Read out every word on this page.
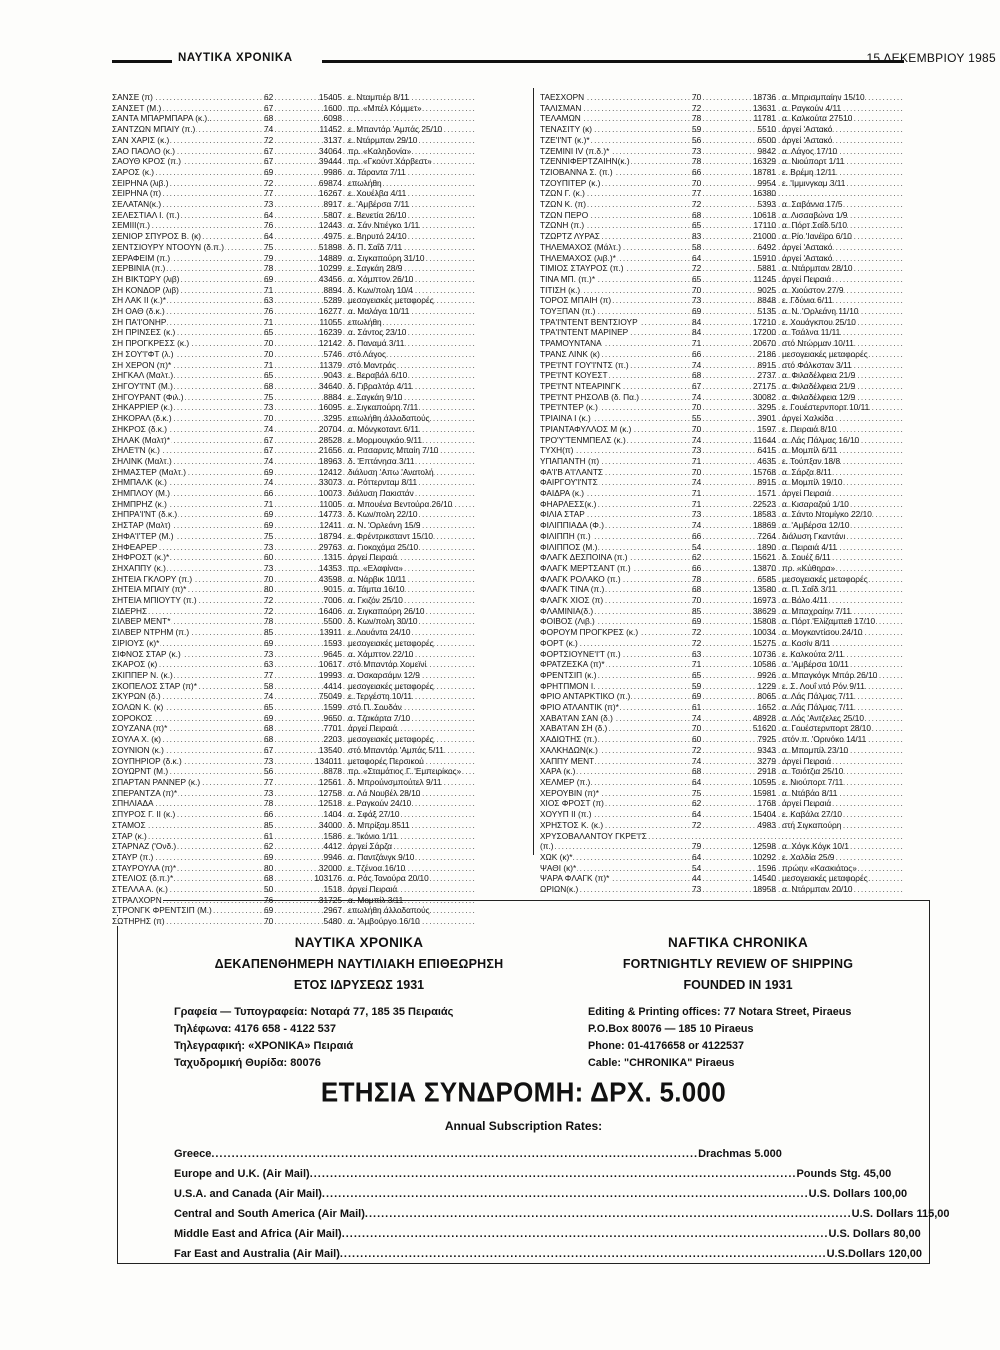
ΝΑΥΤΙΚΑ ΧΡΟΝΙΚΑ	15 ΔΕΚΕΜΒΡΙΟΥ 1985
ΣΑΝΣΕ (π) .....	62	15405	ε. Νταμπιέρ 8/11
ΣΑΝΣΕΤ (Μ.) .....	67	1600	πρ. «Μπέλ Κόμμετ»
ΣΑΝΤΑ ΜΠΑΡΜΠΑΡΑ (κ.).. .....	68	6098	
ΣΑΝΤΖΩΝ ΜΠΑΙΥ (π.) .....	74	11452	ε. Μπαντάρ 'Αμπάς 25/10
ΣΑΝ ΧΑΡΙΣ (κ.) .....	72	3137	ε. Ντάρμπαν 29/10
ΣΑΟ ΠΑΟΛΟ (κ.) .....	67	34064	πρ. «Καληδονία»
ΣΑΟΥΘ ΚΡΟΣ (π.) .....	67	39444	πρ. «Γκούντ Χάρβεστ»
ΣΑΡΟΣ (κ.) .....	69	9986	α. Τάραντα 7/11
ΣΕΙΡΗΝΑ (λιβ.) .....	72	69874	επωλήθη
ΣΕΙΡΗΝΑ (π) .....	77	16267	ε. Χουέλβα 4/11
ΣΕΛΑΤΑΝ(κ.) .....	73	8917	ε. 'Αμβέρσα 7/11
ΣΕΛΕΣΤΙΑΛ Ι. (π.) .....	64	5807	ε. Βενετία 26/10
ΣΕΜΙΙΙ(π.) .....	76	12443	α. Σάν Ντιέγκο 1/11
ΣΕΝΙΟΡ ΣΠΥΡΟΣ Β. (κ) .....	64	4975	ε. Βηρυτό 24/10
ΣΕΝΤΣΙΟΥΡΥ ΝΤΟΟΥΝ (δ.π.) .....	75	51898	δ. Π. Σαΐδ 7/11
ΣΕΡΑΦΕΙΜ (π.) .....	79	14889	α. Σιγκαπούρη 31/10
ΣΕΡΒΙΝΙΑ (π.) .....	78	10299	ε. Σαγκάη 28/9
ΣΗ ΒΙΚΤΩΡΥ (λιβ) .....	69	43456	α. Χάμπτον 26/10
ΣΗ ΚΟΝΔΟΡ (λιβ) .....	71	8894	δ. Κων/πολη 10/4
ΣΗ ΛΑΚ ΙΙ (κ.)* .....	63	5289	μεσογειακές μεταφορές
ΣΗ ΟΑΘ (δ.κ.) .....	76	16277	α. Μαλάγα 10/11
ΣΗ ΠΑ'Ι'ΟΝΗΡ .....	71	11055	επωλήθη
ΣΗ ΠΡΙΝΣΕΣ (κ.) .....	65	16239	α. Σάντος 23/10
ΣΗ ΠΡΟΓΚΡΕΣΣ (κ.) .....	70	12142	δ. Παναμά 3/11
ΣΗ ΣΟΥ'Ι'ΦΤ (λ.) .....	70	5746	στό Λάγος
ΣΗ ΧΕΡΟΝ (π)* .....	71	11379	στό Μαντράς
ΣΗΓΚΑΛ (Μαλτ.) .....	65	9043	ε. Βεραβάλ 6/10
ΣΗΓΟΥ'Ι'ΝΤ (Μ.) .....	68	34640	δ. Γιβραλτάρ 4/11
ΣΗΓΟΥΡΑΝΤ (Φιλ.) .....	75	8884	ε. Σαγκάη 9/10
ΣΗΚΑΡΡΙΕΡ (κ.) .....	73	16095	ε. Σιγκαπούρη 7/11
ΣΗΚΟΡΑΛ (δ.κ.) .....	70	3295	επωλήθη άλλοδαπούς
ΣΗΚΡΟΣ (δ.κ.) .....	74	20704	α. Μόνγκοταντ 6/11
ΣΗΛΑΚ (Μαλτ)* .....	67	28528	ε. Μορμουγκάο 9/11
ΣΗΛΕ'Ι'Ν (κ.) .....	67	21656	α. Ριτσαρντς Μπαίη 7/10
ΣΗΛΙΝΚ (Μαλτ.) .....	74	18963	δ. 'Επτάνησα 3/11
ΣΗΜΑΣΤΕΡ (Μαλτ.) .....	69	12412	διάλυση 'Απω 'Ανατολή
ΣΗΜΠΑΛΚ (κ.) .....	74	33073	α. Ρόττερνταμ 8/11
ΣΗΜΠΛΟΥ (Μ.) .....	66	10073	διάλυση Πακιστάν
ΣΗΜΠΡΗΖ (κ.) .....	71	11005	α. Μπουένα Βεντούρα 26/10
ΣΗΠΡΑ'Ι'ΝΤ (δ.κ.) .....	69	14773	δ. Κων/πολη 22/10
ΣΗΣΤΑΡ (Μαλτ) .....	69	12411	α. Ν. 'Ορλεάνη 15/9
ΣΗΦΑ'Ι'ΤΕΡ (Μ.) .....	75	18794	ε. Φρέντρικσταντ 15/10
ΣΗΦΕΑΡΕΡ .....	73	29763	α. Γιοκοχάμα 25/10
ΣΗΦΡΟΣΤ (κ.)* .....	60	1315	άργεί Πειραιά
ΣΗΧΑΠΠΥ (κ.) .....	73	14353	πρ. «Ελαφίνα»
ΣΗΤΕΙΑ ΓΚΛΟΡΥ (π.) .....	70	43598	α. Νάρβικ 10/11
ΣΗΤΕΙΑ ΜΠΑΙΥ (π)* .....	80	9015	α. Τάμπα 16/10
ΣΗΤΕΙΑ ΜΠΙΟΥΤΥ (π.) .....	72	7006	α. Γκιζόν 25/10
ΣΙΔΕΡΗΣ .....	72	16406	α. Σιγκαπούρη 26/10
ΣΙΛΒΕΡ ΜΕΝΤ* .....	78	5500	δ. Κων/πολη 30/10
ΣΙΛΒΕΡ ΝΤΡΗΜ (π.) .....	85	13911	ε. Λουάντα 24/10
ΣΙΡΙΟΥΣ (κ)* .....	69	1593	μεσογειακές μεταφορές
ΣΙΦΝΟΣ ΣΤΑΡ (κ.) .....	73	9645	α. Χάμπτον 22/10
ΣΚΑΡΟΣ (κ) .....	63	10617	στό Μπαντάρ Χομεϊνί
ΣΚΙΠΠΕΡ Ν. (κ.) .....	77	19993	α. Όσκαρσάμν 12/9
ΣΚΟΠΕΛΟΣ ΣΤΑΡ (π)* .....	58	4414	μεσογειακές μεταφορές
ΣΚΥΡΩΝ (δ.) .....	74	75049	ε. Τεργέστη 10/11
ΣΟΛΩΝ Κ. (κ) .....	65	1599	στό Π. Σουδάν
ΣΟΡΟΚΟΣ .....	69	9650	α. Τζακάρτα 7/10
ΣΟΥΖΑΝΑ (π)* .....	68	7701	άργεί Πειραιά
ΣΟΥΛΑ Χ. (κ) .....	68	2203	μεσογειακές μεταφορές
ΣΟΥΝΙΟΝ (κ.) .....	67	13540	στό Μπαντάρ 'Αμπάς 5/11
ΣΟΥΠΗΡΙΟΡ (δ.κ.) .....	73	134011	μεταφορές Περσικού
ΣΟΥΩΡΝΤ (Μ.) .....	56	8878	πρ. «Σταμάτιος Γ. 'Εμπειρίκος»
ΣΠΑΡΤΑΝ ΡΑΝΝΕΡ (κ.) .....	77	12561	δ. Μπρούνσμπούτελ 9/11
ΣΠΕΡΑΝΤΖΑ (π)* .....	73	12758	α. Λά Νουβέλ 28/10
ΣΠΗΛΙΑΔΑ .....	78	12518	ε. Ραγκούν 24/10
ΣΠΥΡΟΣ Γ. ΙΙ (κ.) .....	66	1404	α. Σφάξ 27/10
ΣΤΑΜΟΣ .....	85	34000	δ. Μπρίξαμ 8511
ΣΤΑΡ (κ.) .....	61	1586	ε. 'Ικόνιο 1/11
ΣΤΑΡΝΑΖ ('Ονδ.) .....	62	4412	άργεί Σάρζα
ΣΤΑΥΡ (π.) .....	69	9946	α. Παντζάνγκ 9/10
ΣΤΑΥΡΟΥΛΑ (π)* .....	80	32000	ε. Τζένοα 16/10
ΣΤΕΛΙΟΣ (δ.π.)* .....	68	103176	α. Ράς Τανούρα 20/10
ΣΤΕΛΛΑ Α. (κ.) .....	50	1518	άργεί Πειραιά
ΣΤΡΑΛΧΟΡΝ .....	76	31725	α. Μομπίλ 3/11
ΣΤΡΟΝΓΚ ΦΡΕΝΤΣΙΠ (Μ.) .....	69	2967	επωλήθη άλλοδαπούς
ΣΩΤΗΡΗΣ (π) .....	70	5480	α. 'Αμβούργο 16/10
ΤΑΕΣΧΟΡΝ .....	70	18736	α. Μπρισμπαίην 15/10
ΤΑΛΙΣΜΑΝ .....	72	13631	α. Ραγκούν 4/11
ΤΕΛΑΜΩΝ .....	78	11781	α. Καλκούτα 27510
ΤΕΝΑΣΙΤΥ (κ) .....	59	5510	άργεί 'Αστακό
ΤΖΕ'Ι'ΝΤ (κ.)* .....	56	6500	άργεί 'Αστακό
ΤΖΕΜΙΝΙ ΙV (π.δ.)* .....	73	9842	α. Λάγος 17/10
ΤΖΕΝΝΙΦΕΡΤΖΑΙΗΝ(κ.) .....	78	16329	α. Νιούπορτ 1/11
ΤΖΙΟΒΑΝΝΑ Σ. (π.) .....	66	18781	ε. Βρέμη 12/11
ΤΖΟΥΠΙΤΕΡ (κ.) .....	70	9954	ε. 'Ιμμινγκαμ 3/11
ΤΖΩΝ Γ. (κ.) .....	77	16380	
ΤΖΩΝ Κ. (π) .....	72	5393	α. Σαβάννα 17/5
ΤΖΩΝ ΠΕΡΟ .....	68	10618	α. Λισσαβώνα 1/9
ΤΖΩΝΗ (π.) .....	65	17110	α. Πόρτ Σαΐδ 5/10
ΤΖΩΡΤΖ ΛΥΡΑΣ .....	83	21000	α. Ρίο 'Ιανέϊρο 6/10
ΤΗΛΕΜΑΧΟΣ (Μάλτ.) .....	58	6492	άργεί 'Αστακό
ΤΗΛΕΜΑΧΟΣ (λιβ.)* .....	64	15910	άργεί 'Αστακό
ΤΙΜΙΟΣ ΣΤΑΥΡΟΣ (π.) .....	72	5881	α. Ντάρμπαν 28/10
ΤΙΝΑ ΜΠ. (π.)* .....	65	11245	άργεί Πειραιά
ΤΙΤΙΣΗ (κ.) .....	70	9025	α. Χιούστον 27/9
ΤΟΡΟΣ ΜΠΑΙΗ (π) .....	73	8848	ε. Γδύνια 6/11
ΤΟΥΞΠΑΝ (π.) .....	69	5135	α. Ν. 'Ορλεάνη 11/10
ΤΡΑ'Ι'ΝΤΕΝΤ ΒΕΝΤΣΙΟΥΡ .....	84	17210	ε. Χουάγκπου 25/10
ΤΡΑ'Ι'ΝΤΕΝΤ ΜΑΡΙΝΕΡ .....	84	17200	α. Τσάλνα 11/11
ΤΡΑΜΟΥΝΤΑΝΑ .....	71	20670	στό Ντώρμαν 10/11
ΤΡΑΝΣ ΛΙΝΚ (κ) .....	66	2186	μεσογειακές μεταφορές
ΤΡΕ'Ι'ΝΤ ΓΟΥ'Ι'ΝΤΣ (π.) .....	74	8915	στό Φόλκσταν 3/11
ΤΡΕ'Ι'ΝΤ ΚΟΥΕΣΤ .....	68	2737	α. Φιλαδέλφεια 21/9
ΤΡΕ'Ι'ΝΤ ΝΤΕΑΡΙΝΓΚ .....	67	27175	α. Φιλαδέλφεια 21/9
ΤΡΕ'Ι'ΝΤ ΡΗΣΟΛΒ (δ. Πα.) .....	74	30082	α. Φιλαδέλφεια 12/9
ΤΡΕ'Ι'ΝΤΕΡ (κ.) .....	70	3295	ε. Γουέστερνπορτ 10/11
ΤΡΙΑΙΝΑ Ι (κ.) .....	55	3901	άργεί Χαλκίδα
ΤΡΙΑΝΤΑΦΥΛΛΟΣ Μ (κ.) .....	70	1597	ε. Πειραιά 8/10
ΤΡΟ'Υ'ΤΕΝΜΠΕΛΣ (κ.) .....	74	11644	α. Λάς Πάλμας 16/10
ΤΥΧΗ(π) .....	73	6415	α. Μομπίλ 6/11
ΥΠΑΠΑΝΤΗ (π) .....	71	4635	ε. Τούπξαν 18/8
ΦΑ'Ι'Β Α'Ι'ΛΑΝΤΣ .....	70	15768	α. Σάρζα 8/11
ΦΑΙΡΓΟΥ'Ι'ΝΤΣ .....	74	8915	α. Μομπίλ 19/10
ΦΑΙΔΡΑ (κ.) .....	71	1571	άργεί Πειραιά
ΦΗΑΡΛΕΣΣ(κ.) .....	71	22523	α. Κισαραζού 1/10
ΦΙΛΙΑ ΣΤΑΡ .....	73	18583	α. Σάντο Ντομίγκο 22/10
ΦΙΛΙΠΠΙΑΔΑ (Φ.) .....	74	18869	α. 'Αμβέρσα 12/10
ΦΙΛΙΠΠΗ (π.) .....	66	7264	διάλυση Γκαντάνι
ΦΙΛΙΠΠΟΣ (Μ.) .....	54	1890	α. Πειραιά 4/11
ΦΛΑΓΚ ΔΕΣΠΟΙΝΑ (π.) .....	62	15621	δ. Σουέζ 6/11
ΦΛΑΓΚ ΜΕΡΤΣΑΝΤ (π.) .....	66	13870	πρ. «Κύθηρα»
ΦΛΑΓΚ ΡΟΛΑΚΟ (π.) .....	78	6585	μεσογειακές μεταφορές
ΦΛΑΓΚ ΤΙΝΑ (π.) .....	68	13580	α. Π. Σαΐδ 3/11
ΦΛΑΓΚ ΧΙΟΣ (π) .....	70	16973	α. Βόλο 4/11
ΦΛΑΜΙΝΙΑ(δ.) .....	85	38629	α. Μπαχραίην 7/11
ΦΟΙΒΟΣ (Λιβ.) .....	69	15808	α. Πόρτ 'Ελίζαμπεθ 17/10
ΦΟΡΟΥΜ ΠΡΟΓΚΡΕΣ (κ.) .....	72	10034	α. Μογκαντίσου 24/10
ΦΟΡΤ (κ.) .....	72	15275	α. Κοσίν 8/11
ΦΟΡΤΣΙΟΥΝΕ'Ι'Τ (π.) .....	63	10736	ε. Καλκούτα 2/11
ΦΡΑΤΖΕΣΚΑ (π)* .....	71	10586	α. 'Αμβέρσα 10/11
ΦΡΕΝΤΣΙΠ (κ.) .....	65	9926	α. Μπαγκόγκ Μπάρ 26/10
ΦΡΗΤΠΜΟΝ Ι. .....	59	1229	ε. Σ. Λουΐ ντό Ρόν 9/11
ΦΡΙΟ ΑΝΤΑΡΚΤΙΚΟ (π.) .....	69	8065	α. Λάς Πάλμας 7/11
ΦΡΙΟ ΑΤΛΑΝΤΙΚ (π)* .....	61	1652	α. Λάς Πάλμας 7/11
ΧΑΒΑ'Ι'ΑΝ ΣΑΝ (δ.) .....	74	48928	α. Λός 'Αντζελες 25/10
ΧΑΒΑ'Ι'ΑΝ ΣΗ (δ.) .....	70	51620	α. Γουέστερνπορτ 28/10
ΧΑΔΙΩΤΗΣ (π.) .....	60	7925	στόν π. 'Ορινόκο 14/11
ΧΑΛΚΗΔΩΝ(κ.) .....	72	9343	α. Μπομπίλ 23/10
ΧΑΠΠΥ ΜΕΝΤ .....	74	3279	άργεί Πειραιά
ΧΑΡΑ (κ.) .....	68	2918	α. Τσιότζια 25/10
ΧΕΛΜΕΡ (π.) .....	64	10595	ε. Νιούπορτ 7/11
ΧΕΡΟΥΒΙΝ (π)* .....	75	15981	α. Ντάβάο 8/11
ΧΙΟΣ ΦΡΟΣΤ (π) .....	62	1768	άργεί Πειραιά
ΧΟΥΥΠ ΙΙ (π.) .....	64	15404	ε. Καβάλα 27/10
ΧΡΗΣΤΟΣ Κ. (κ.) .....	72	4983	στή Σιγκαπούρη
ΧΡΥΣΟΒΑΛΑΝΤΟΥ ΓΚΡΕ'Ι'Σ .....			
(π.) .....	79	12598	α. Χόγκ Κόγκ 10/1
ΧΩΚ (κ)* .....	64	10292	ε. Χαλδία 25/9
ΨΑΘΙ (κ)* .....	54	1596	πρώην «Κασκιότος»
ΨΑΡΑ ΦΛΑΓΚ (π)* .....	44	14540	μεσογειακές μεταφορές
ΩΡΙΩΝ(κ.) .....	73	18958	α. Ντάρμπαν 20/10
ΝΑΥΤΙΚΑ ΧΡΟΝΙΚΑ
ΔΕΚΑΠΕΝΘΗΜΕΡΗ ΝΑΥΤΙΛΙΑΚΗ ΕΠΙΘΕΩΡΗΣΗ
ΕΤΟΣ ΙΔΡΥΣΕΩΣ 1931
Γραφεία — Τυπογραφεία: Νοταρά 77, 185 35 Πειραιάς
Τηλέφωνα: 4176 658 - 4122 537
Τηλεγραφική: «ΧΡΟΝΙΚΑ» Πειραιά
Ταχυδρομική Θυρίδα: 80076
NAFTIKA CHRONIKA
FORTNIGHTLY REVIEW OF SHIPPING
FOUNDED IN 1931
Editing & Printing offices: 77 Notara Street, Piraeus
P.O.Box 80076 — 185 10 Piraeus
Phone: 01-4176658 or 4122537
Cable: "CHRONIKA" Piraeus
ΕΤΗΣΙΑ ΣΥΝΔΡΟΜΗ: ΔΡΧ. 5.000
Annual Subscription Rates:
Greece ........................................................................................................................ Drachmas 5.000
Europe and U.K. (Air Mail) ........................................................................................................................ Pounds Stg. 45,00
U.S.A. and Canada (Air Mail) ........................................................................................................................ U.S. Dollars 100,00
Central and South America (Air Mail) ........................................................................................................................ U.S. Dollars 115,00
Middle East and Africa (Air Mail) ........................................................................................................................ U.S. Dollars 80,00
Far East and Australia (Air Mail) ........................................................................................................................ U.S.Dollars 120,00
